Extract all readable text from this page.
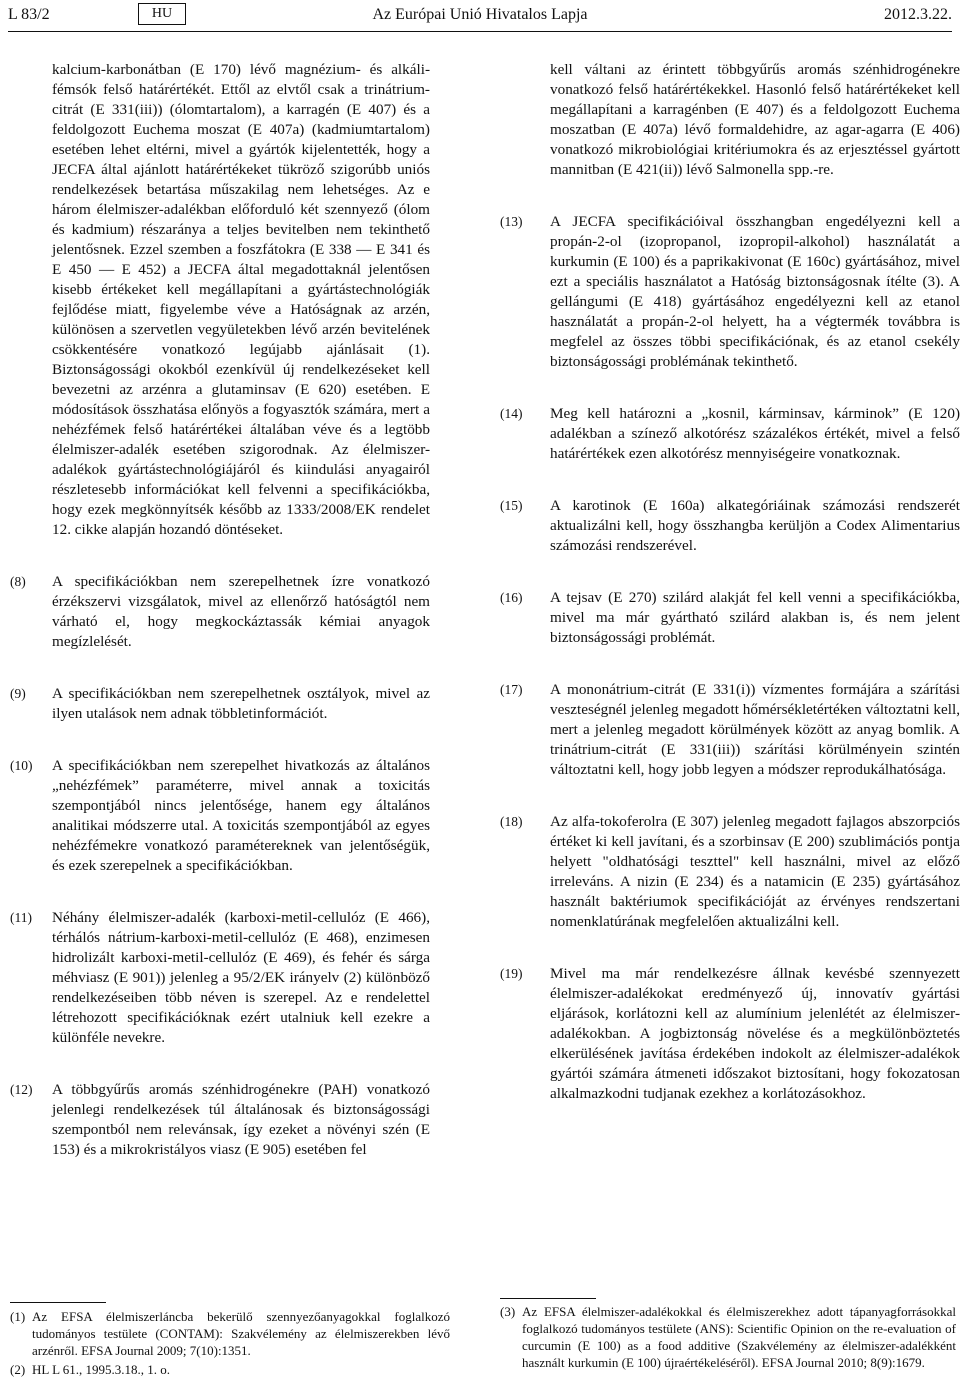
L 83/2	HU	Az Európai Unió Hivatalos Lapja	2012.3.22.

kalcium-karbonátban (E 170) lévő magnézium- és alkálifémsók felső határértékét. Ettől az elvtől csak a trinátrium-citrát (E 331(iii)) (ólomtartalom), a karragén (E 407) és a feldolgozott Euchema moszat (E 407a) (kadmiumtartalom) esetében lehet eltérni, mivel a gyártók kijelentették, hogy a JECFA által ajánlott határértékeket tükröző szigorúbb uniós rendelkezések betartása műszakilag nem lehetséges. Az e három élelmiszer-adalékban előforduló két szennyező (ólom és kadmium) részaránya a teljes bevitelben nem tekinthető jelentősnek. Ezzel szemben a foszfátokra (E 338 — E 341 és E 450 — E 452) a JECFA által megadottaknál jelentősen kisebb értékeket kell megállapítani a gyártástechnológiák fejlődése miatt, figyelembe véve a Hatóságnak az arzén, különösen a szervetlen vegyületekben lévő arzén bevitelének csökkentésére vonatkozó legújabb ajánlásait (1). Biztonságossági okokból ezenkívül új rendelkezéseket kell bevezetni az arzénra a glutaminsav (E 620) esetében. E módosítások összhatása előnyös a fogyasztók számára, mert a nehézfémek felső határértékei általában véve és a legtöbb élelmiszer-adalék esetében szigorodnak. Az élelmiszer-adalékok gyártástechnológiájáról és kiindulási anyagairól részletesebb információkat kell felvenni a specifikációkba, hogy ezek megkönnyítsék később az 1333/2008/EK rendelet 12. cikke alapján hozandó döntéseket.

(8) A specifikációkban nem szerepelhetnek ízre vonatkozó érzékszervi vizsgálatok, mivel az ellenőrző hatóságtól nem várható el, hogy megkockáztassák kémiai anyagok megízlelését.

(9) A specifikációkban nem szerepelhetnek osztályok, mivel az ilyen utalások nem adnak többletinformációt.

(10) A specifikációkban nem szerepelhet hivatkozás az általános „nehézfémek” paraméterre, mivel annak a toxicitás szempontjából nincs jelentősége, hanem egy általános analitikai módszerre utal. A toxicitás szempontjából az egyes nehézfémekre vonatkozó paramétereknek van jelentőségük, és ezek szerepelnek a specifikációkban.

(11) Néhány élelmiszer-adalék (karboxi-metil-cellulóz (E 466), térhálós nátrium-karboxi-metil-cellulóz (E 468), enzimesen hidrolizált karboxi-metil-cellulóz (E 469), és fehér és sárga méhviasz (E 901)) jelenleg a 95/2/EK irányelv (2) különböző rendelkezéseiben több néven is szerepel. Az e rendelettel létrehozott specifikációknak ezért utalniuk kell ezekre a különféle nevekre.

(12) A többgyűrűs aromás szénhidrogénekre (PAH) vonatkozó jelenlegi rendelkezések túl általánosak és biztonságossági szempontból nem relevánsak, így ezeket a növényi szén (E 153) és a mikrokristályos viasz (E 905) esetében fel

(1) Az EFSA élelmiszerláncba bekerülő szennyezőanyagokkal foglalkozó tudományos testülete (CONTAM): Szakvélemény az élelmiszerekben lévő arzénről. EFSA Journal 2009; 7(10):1351.
(2) HL L 61., 1995.3.18., 1. o.

kell váltani az érintett többgyűrűs aromás szénhidrogénekre vonatkozó felső határértékekkel. Hasonló felső határértékeket kell megállapítani a karragénben (E 407) és a feldolgozott Euchema moszatban (E 407a) lévő formaldehidre, az agar-agarra (E 406) vonatkozó mikrobiológiai kritériumokra és az erjesztéssel gyártott mannitban (E 421(ii)) lévő Salmonella spp.-re.

(13) A JECFA specifikációival összhangban engedélyezni kell a propán-2-ol (izopropanol, izopropil-alkohol) használatát a kurkumin (E 100) és a paprikakivonat (E 160c) gyártásához, mivel ezt a speciális használatot a Hatóság biztonságosnak ítélte (3). A gellángumi (E 418) gyártásához engedélyezni kell az etanol használatát a propán-2-ol helyett, ha a végtermék továbbra is megfelel az összes többi specifikációnak, és az etanol csekély biztonságossági problémának tekinthető.

(14) Meg kell határozni a „kosnil, kárminsav, kárminok” (E 120) adalékban a színező alkotórész százalékos értékét, mivel a felső határértékek ezen alkotórész mennyiségeire vonatkoznak.

(15) A karotinok (E 160a) alkategóriáinak számozási rendszerét aktualizálni kell, hogy összhangba kerüljön a Codex Alimentarius számozási rendszerével.

(16) A tejsav (E 270) szilárd alakját fel kell venni a specifikációkba, mivel ma már gyártható szilárd alakban is, és nem jelent biztonságossági problémát.

(17) A mononátrium-citrát (E 331(i)) vízmentes formájára a szárítási veszteségnél jelenleg megadott hőmérsékletértéken változtatni kell, mert a jelenleg megadott körülmények között az anyag bomlik. A trinátrium-citrát (E 331(iii)) szárítási körülményein szintén változtatni kell, hogy jobb legyen a módszer reprodukálhatósága.

(18) Az alfa-tokoferolra (E 307) jelenleg megadott fajlagos abszorpciós értéket ki kell javítani, és a szorbinsav (E 200) szublimációs pontja helyett "oldhatósági teszttel" kell használni, mivel az előző irreleváns. A nizin (E 234) és a natamicin (E 235) gyártásához használt baktériumok specifikációját az érvényes rendszertani nomenklatúrának megfelelően aktualizálni kell.

(19) Mivel ma már rendelkezésre állnak kevésbé szennyezett élelmiszer-adalékokat eredményező új, innovatív gyártási eljárások, korlátozni kell az alumínium jelenlétét az élelmiszer-adalékokban. A jogbiztonság növelése és a megkülönböztetés elkerülésének javítása érdekében indokolt az élelmiszer-adalékok gyártói számára átmeneti időszakot biztosítani, hogy fokozatosan alkalmazkodni tudjanak ezekhez a korlátozásokhoz.

(3) Az EFSA élelmiszer-adalékokkal és élelmiszerekhez adott tápanyagforrásokkal foglalkozó tudományos testülete (ANS): Scientific Opinion on the re-evaluation of curcumin (E 100) as a food additive (Szakvélemény az élelmiszer-adalékként használt kurkumin (E 100) újraértékeléséről). EFSA Journal 2010; 8(9):1679.
